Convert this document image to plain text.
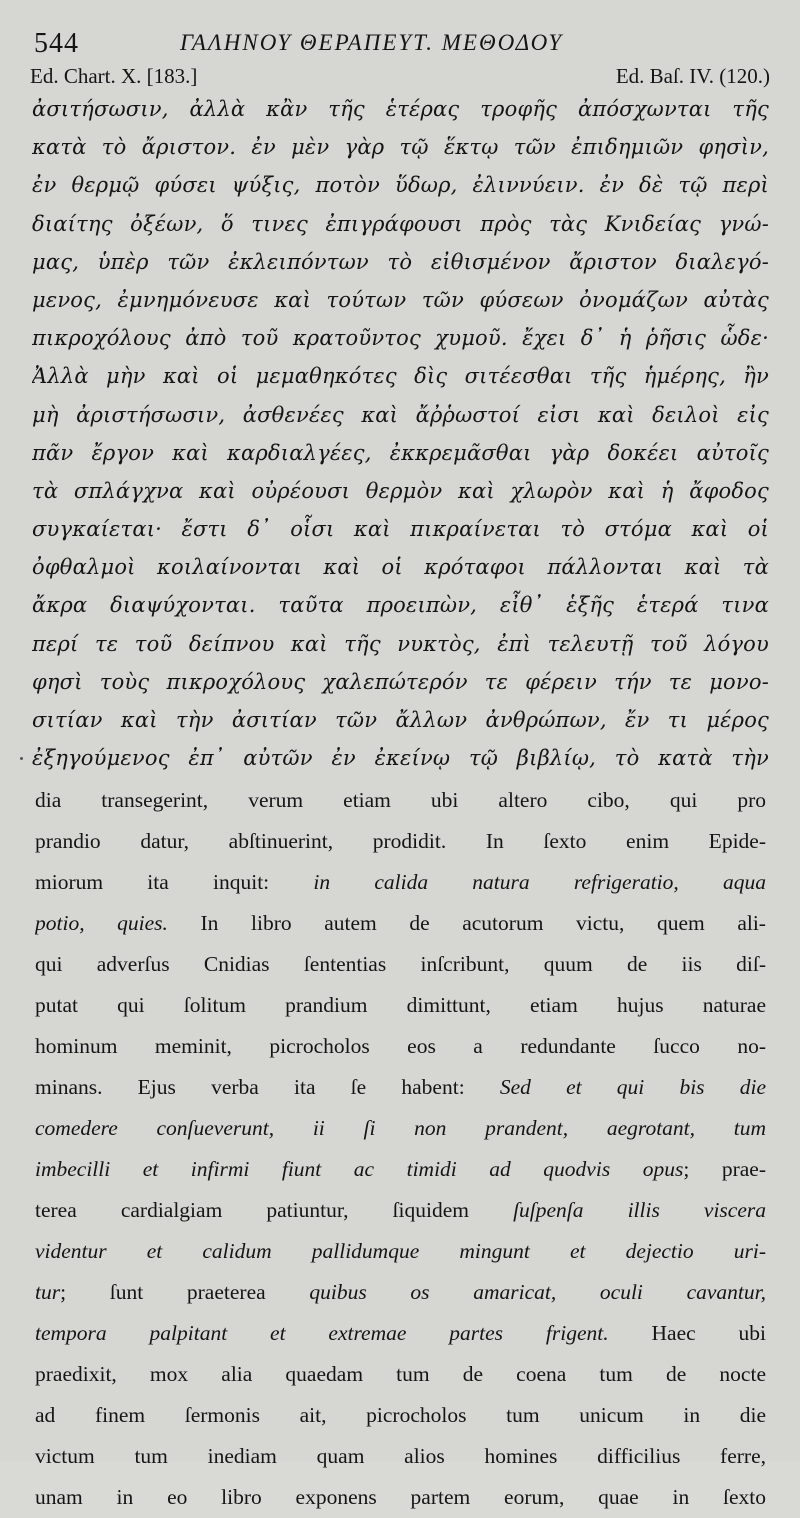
544	ΓΑΛΗΝΟΥ ΘΕΡΑΠΕΥΤ. ΜΕΘΟΔΟΥ
Ed. Chart. X. [183.]	Ed. Baſ. IV. (120.)
ἀσιτήσωσιν, ἀλλὰ κἂν τῆς ἑτέρας τροφῆς ἀπόσχωνται τῆς
κατὰ τὸ ἄριστον. ἐν μὲν γὰρ τῷ ἕκτῳ τῶν ἐπιδημιῶν φησὶν,
ἐν θερμῷ φύσει ψύξις, ποτὸν ὕδωρ, ἐλιννύειν. ἐν δὲ τῷ περὶ
διαίτης ὀξέων, ὅ τινες ἐπιγράφουσι πρὸς τὰς Κνιδείας γνώ-
μας, ὑπὲρ τῶν ἐκλειπόντων τὸ εἰθισμένον ἄριστον διαλεγό-
μενος, ἐμνημόνευσε καὶ τούτων τῶν φύσεων ὀνομάζων αὐτὰς
πικροχόλους ἀπὸ τοῦ κρατοῦντος χυμοῦ. ἔχει δ᾽ ἡ ῥῆσις ὧδε·
Ἀλλὰ μὴν καὶ οἱ μεμαθηκότες δὶς σιτέεσθαι τῆς ἡμέρης, ἢν
μὴ ἀριστήσωσιν, ἀσθενέες καὶ ἄῤῥωστοί εἰσι καὶ δειλοὶ εἰς
πᾶν ἔργον καὶ καρδιαλγέες, ἐκκρεμᾶσθαι γὰρ δοκέει αὐτοῖς
τὰ σπλάγχνα καὶ οὐρέουσι θερμὸν καὶ χλωρὸν καὶ ἡ ἄφοδος
συγκαίεται· ἔστι δ᾽ οἷσι καὶ πικραίνεται τὸ στόμα καὶ οἱ
ὀφθαλμοὶ κοιλαίνονται καὶ οἱ κρόταφοι πάλλονται καὶ τὰ
ἄκρα διαψύχονται. ταῦτα προειπὼν, εἶθ᾽ ἑξῆς ἑτερά τινα
περί τε τοῦ δείπνου καὶ τῆς νυκτὸς, ἐπὶ τελευτῇ τοῦ λόγου
φησὶ τοὺς πικροχόλους χαλεπώτερόν τε φέρειν τήν τε μονο-
σιτίαν καὶ τὴν ἀσιτίαν τῶν ἄλλων ἀνθρώπων, ἔν τι μέρος
ἐξηγούμενος ἐπ᾽ αὐτῶν ἐν ἐκείνῳ τῷ βιβλίῳ, τὸ κατὰ τὴν
dia transegerint, verum etiam ubi altero cibo, qui pro
prandio datur, abſtinuerint, prodidit. In ſexto enim Epide-
miorum ita inquit: in calida natura refrigeratio, aqua
potio, quies. In libro autem de acutorum victu, quem ali-
qui adverſus Cnidias ſententias inſcribunt, quum de iis diſ-
putat qui ſolitum prandium dimittunt, etiam hujus naturae
hominum meminit, picrocholos eos a redundante ſucco no-
minans. Ejus verba ita ſe habent: Sed et qui bis die
comedere conſueverunt, ii ſi non prandent, aegrotant, tum
imbecilli et infirmi fiunt ac timidi ad quodvis opus; prae-
terea cardialgiam patiuntur, ſiquidem ſuſpenſa illis viscera
videntur et calidum pallidumque mingunt et dejectio uri-
tur; ſunt praeterea quibus os amaricat, oculi cavantur,
tempora palpitant et extremae partes frigent. Haec ubi
praedixit, mox alia quaedam tum de coena tum de nocte
ad finem ſermonis ait, picrocholos tum unicum in die
victum tum inediam quam alios homines difficilius ferre,
unam in eo libro exponens partem eorum, quae in ſexto
